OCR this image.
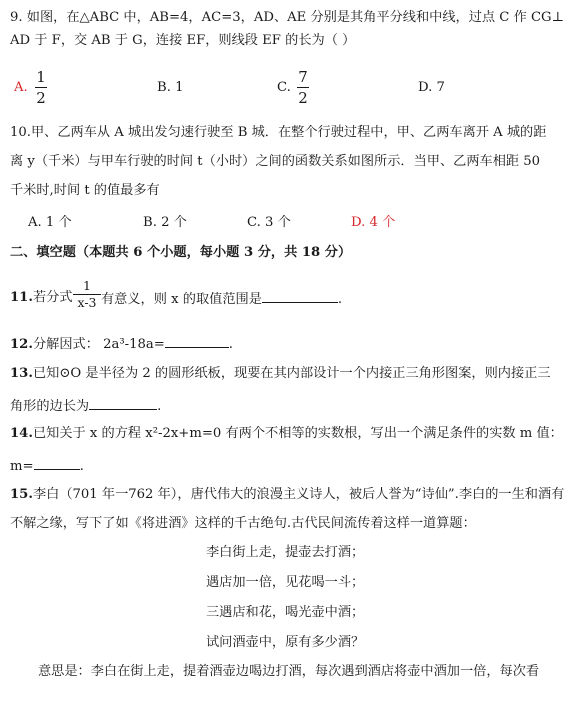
9. 如图，在△ABC 中，AB=4，AC=3，AD、AE 分别是其角平分线和中线，过点 C 作 CG⊥
AD 于 F，交 AB 于 G，连接 EF，则线段 EF 的长为（ ）
A.
1
2
B. 1	C.
7
2
D. 7
10.甲、乙两车从 A 城出发匀速行驶至 B 城．在整个行驶过程中，甲、乙两车离开 A 城的距
离 y（千米）与甲车行驶的时间 t（小时）之间的函数关系如图所示．当甲、乙两车相距 50
千米时,时间 t 的值最多有
A. 1 个	B. 2 个	C. 3 个	D. 4 个
二、填空题（本题共 6 个小题，每小题 3 分，共 18 分）
11.若分式
1
x-3 有意义，则 x 的取值范围是	.
12.分解因式： 2a³-18a=	.
13.已知⊙O 是半径为 2 的圆形纸板，现要在其内部设计一个内接正三角形图案，则内接正三
角形的边长为	.
14.已知关于 x 的方程 x²-2x+m=0 有两个不相等的实数根，写出一个满足条件的实数 m 值：
m=	.
15.李白（701 年一762 年），唐代伟大的浪漫主义诗人，被后人誉为“诗仙”.李白的一生和酒有
不解之缘，写下了如《将进酒》这样的千古绝句.古代民间流传着这样一道算题：
李白街上走，提壶去打酒；
遇店加一倍，见花喝一斗；
三遇店和花，喝光壶中酒；
试问酒壶中，原有多少酒？
意思是：李白在街上走，提着酒壶边喝边打酒，每次遇到酒店将壶中酒加一倍，每次看
